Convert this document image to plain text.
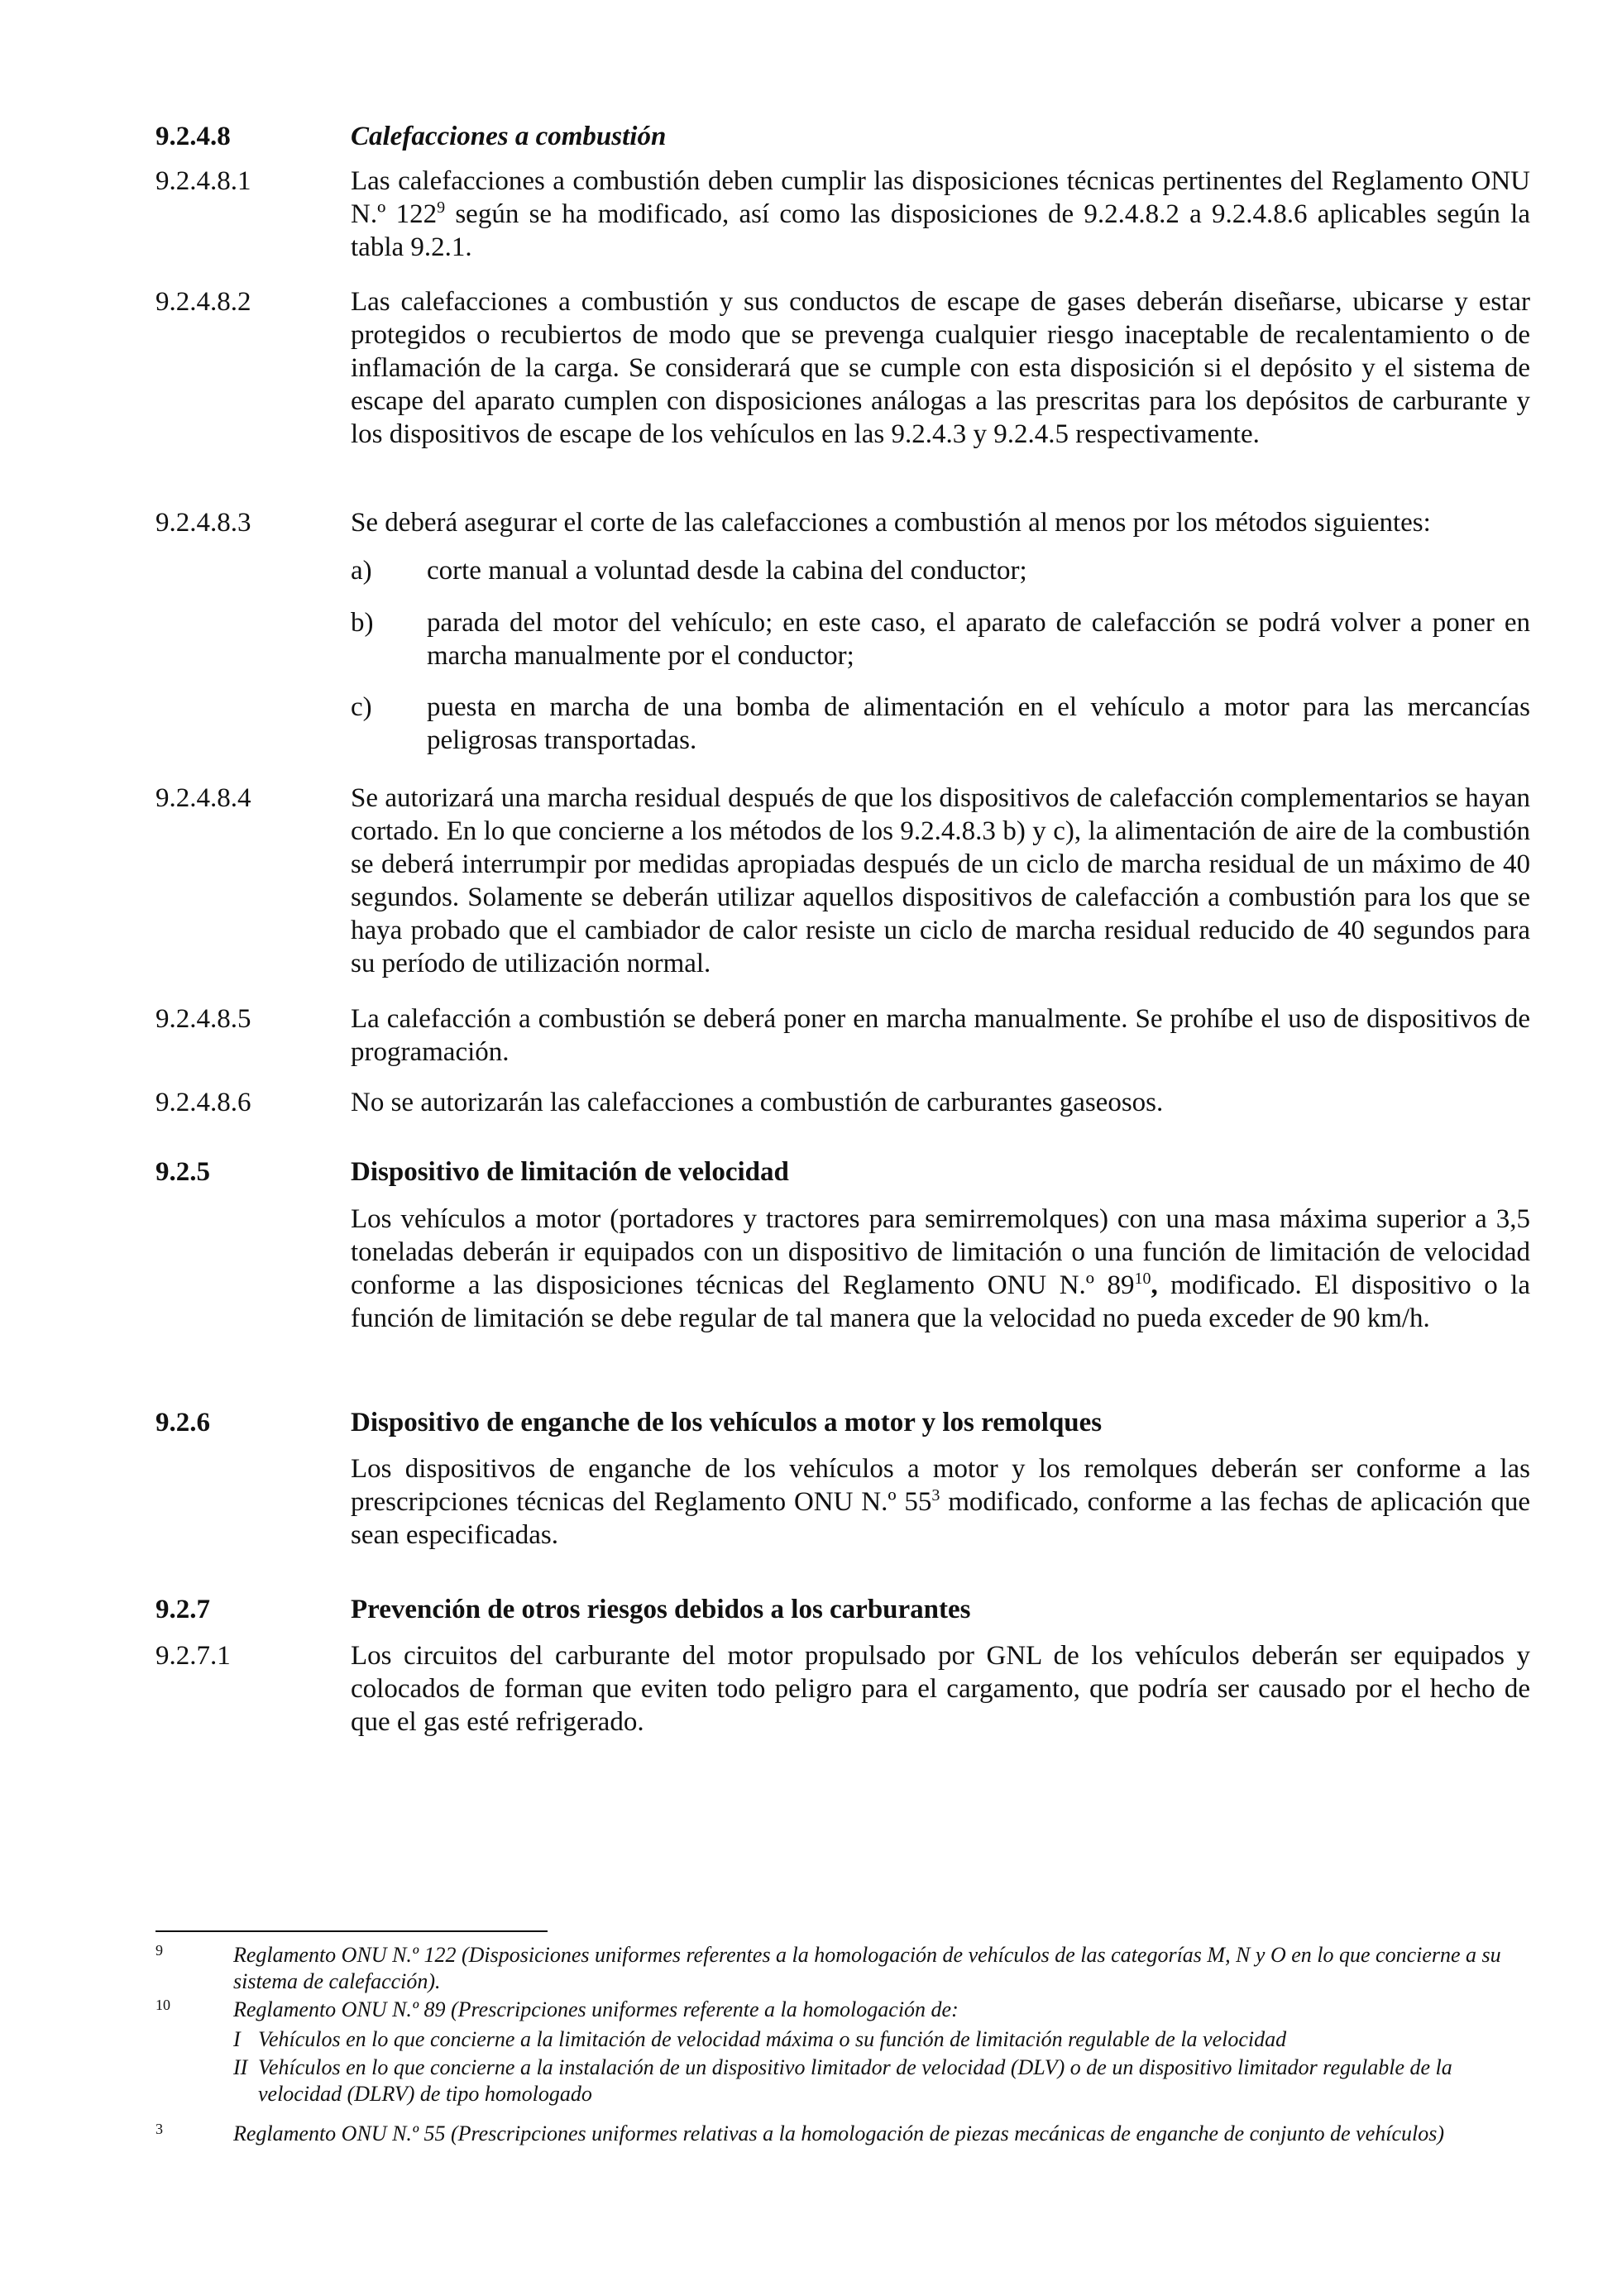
9.2.4.8	Calefacciones a combustión
9.2.4.8.1	Las calefacciones a combustión deben cumplir las disposiciones técnicas pertinentes del Reglamento ONU N.º $122^9$ según se ha modificado, así como las disposiciones de 9.2.4.8.2 a 9.2.4.8.6 aplicables según la tabla 9.2.1.
9.2.4.8.2	Las calefacciones a combustión y sus conductos de escape de gases deberán diseñarse, ubicarse y estar protegidos o recubiertos de modo que se prevenga cualquier riesgo inaceptable de recalentamiento o de inflamación de la carga. Se considerará que se cumple con esta disposición si el depósito y el sistema de escape del aparato cumplen con disposiciones análogas a las prescritas para los depósitos de carburante y los dispositivos de escape de los vehículos en las 9.2.4.3 y 9.2.4.5 respectivamente.
9.2.4.8.3	Se deberá asegurar el corte de las calefacciones a combustión al menos por los métodos siguientes:
a)	corte manual a voluntad desde la cabina del conductor;
b)	parada del motor del vehículo; en este caso, el aparato de calefacción se podrá volver a poner en marcha manualmente por el conductor;
c)	puesta en marcha de una bomba de alimentación en el vehículo a motor para las mercancías peligrosas transportadas.
9.2.4.8.4	Se autorizará una marcha residual después de que los dispositivos de calefacción complementarios se hayan cortado. En lo que concierne a los métodos de los 9.2.4.8.3 b) y c), la alimentación de aire de la combustión se deberá interrumpir por medidas apropiadas después de un ciclo de marcha residual de un máximo de 40 segundos. Solamente se deberán utilizar aquellos dispositivos de calefacción a combustión para los que se haya probado que el cambiador de calor resiste un ciclo de marcha residual reducido de 40 segundos para su período de utilización normal.
9.2.4.8.5	La calefacción a combustión se deberá poner en marcha manualmente. Se prohíbe el uso de dispositivos de programación.
9.2.4.8.6	No se autorizarán las calefacciones a combustión de carburantes gaseosos.
9.2.5	Dispositivo de limitación de velocidad
Los vehículos a motor (portadores y tractores para semirremolques) con una masa máxima superior a 3,5 toneladas deberán ir equipados con un dispositivo de limitación o una función de limitación de velocidad conforme a las disposiciones técnicas del Reglamento ONU N.º $89^{10}$, modificado. El dispositivo o la función de limitación se debe regular de tal manera que la velocidad no pueda exceder de 90 km/h.
9.2.6	Dispositivo de enganche de los vehículos a motor y los remolques
Los dispositivos de enganche de los vehículos a motor y los remolques deberán ser conforme a las prescripciones técnicas del Reglamento ONU N.º $55^3$ modificado, conforme a las fechas de aplicación que sean especificadas.
9.2.7	Prevención de otros riesgos debidos a los carburantes
9.2.7.1	Los circuitos del carburante del motor propulsado por GNL de los vehículos deberán ser equipados y colocados de forman que eviten todo peligro para el cargamento, que podría ser causado por el hecho de que el gas esté refrigerado.
9	Reglamento ONU N.º 122 (Disposiciones uniformes referentes a la homologación de vehículos de las categorías M, N y O en lo que concierne a su sistema de calefacción).
10	Reglamento ONU N.º 89 (Prescripciones uniformes referente a la homologación de:
I Vehículos en lo que concierne a la limitación de velocidad máxima o su función de limitación regulable de la velocidad
II Vehículos en lo que concierne a la instalación de un dispositivo limitador de velocidad (DLV) o de un dispositivo limitador regulable de la velocidad (DLRV) de tipo homologado
3	Reglamento ONU N.º 55 (Prescripciones uniformes relativas a la homologación de piezas mecánicas de enganche de conjunto de vehículos)
